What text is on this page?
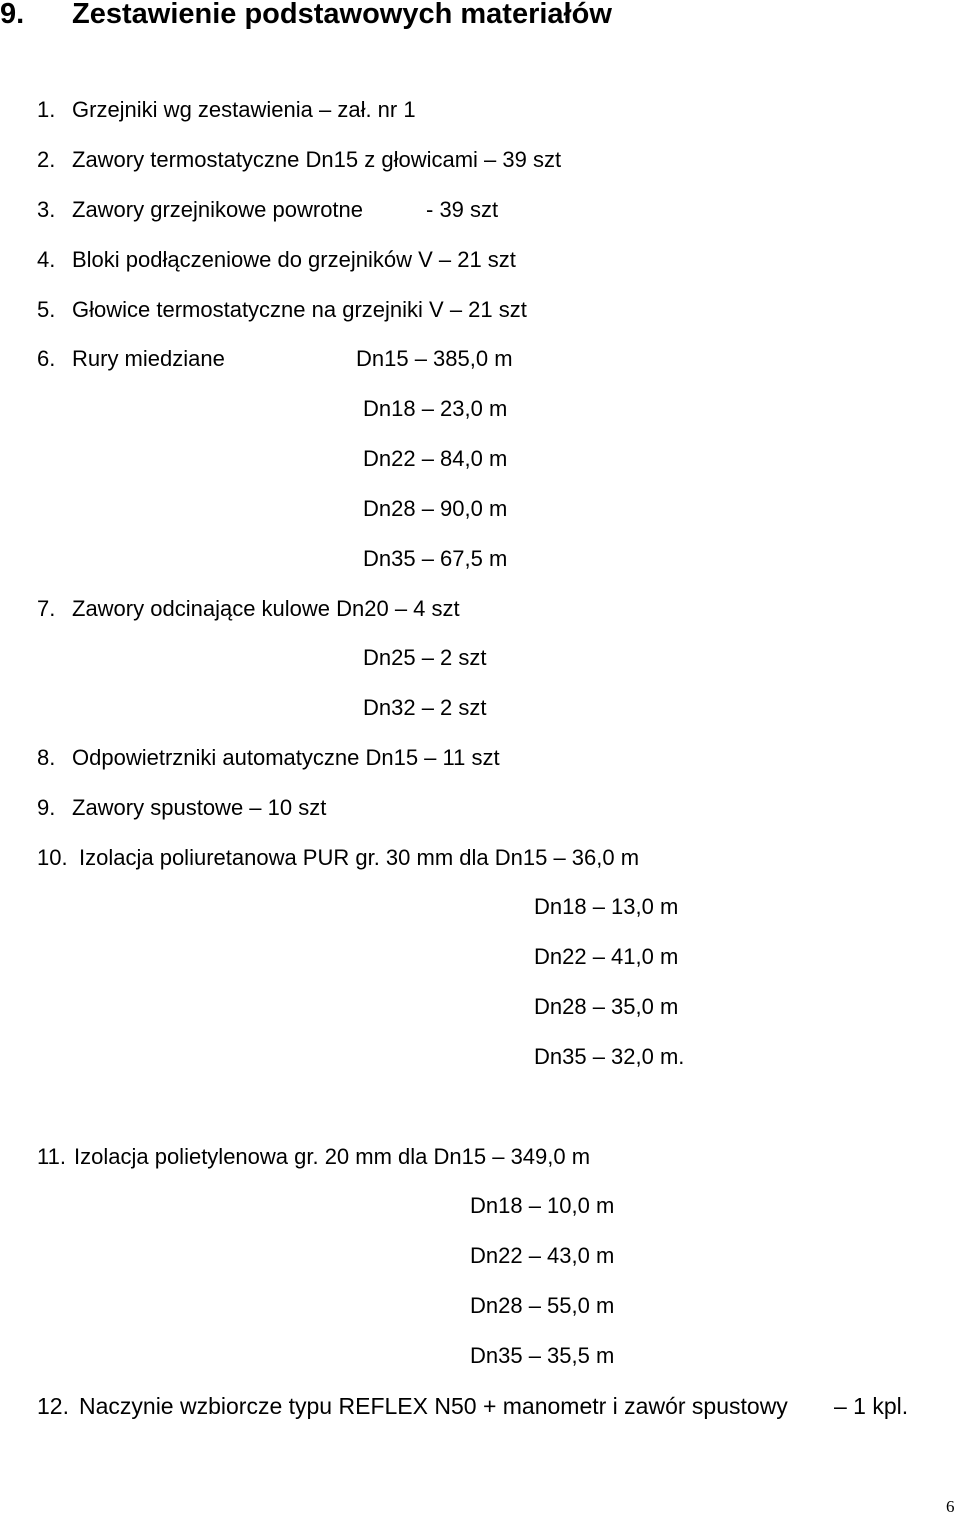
9. Zestawienie podstawowych materiałów
1. Grzejniki wg zestawienia – zał. nr 1
2. Zawory termostatyczne Dn15 z głowicami – 39 szt
3. Zawory grzejnikowe powrotne	- 39 szt
4. Bloki podłączeniowe do grzejników V – 21 szt
5. Głowice termostatyczne na grzejniki V – 21 szt
6. Rury miedziane	Dn15 – 385,0 m
Dn18 – 23,0 m
Dn22 – 84,0 m
Dn28 – 90,0 m
Dn35 – 67,5 m
7. Zawory odcinające kulowe Dn20 – 4 szt
Dn25 – 2 szt
Dn32 – 2 szt
8. Odpowietrzniki automatyczne Dn15 – 11 szt
9. Zawory spustowe – 10 szt
10. Izolacja poliuretanowa PUR gr. 30 mm dla Dn15 – 36,0 m
Dn18 – 13,0 m
Dn22 – 41,0 m
Dn28 – 35,0 m
Dn35 – 32,0 m.
11. Izolacja polietylenowa gr. 20 mm dla Dn15 – 349,0 m
Dn18 – 10,0 m
Dn22 – 43,0 m
Dn28 – 55,0 m
Dn35 – 35,5 m
12. Naczynie wzbiorcze typu REFLEX N50 + manometr i zawór spustowy – 1 kpl.
6
